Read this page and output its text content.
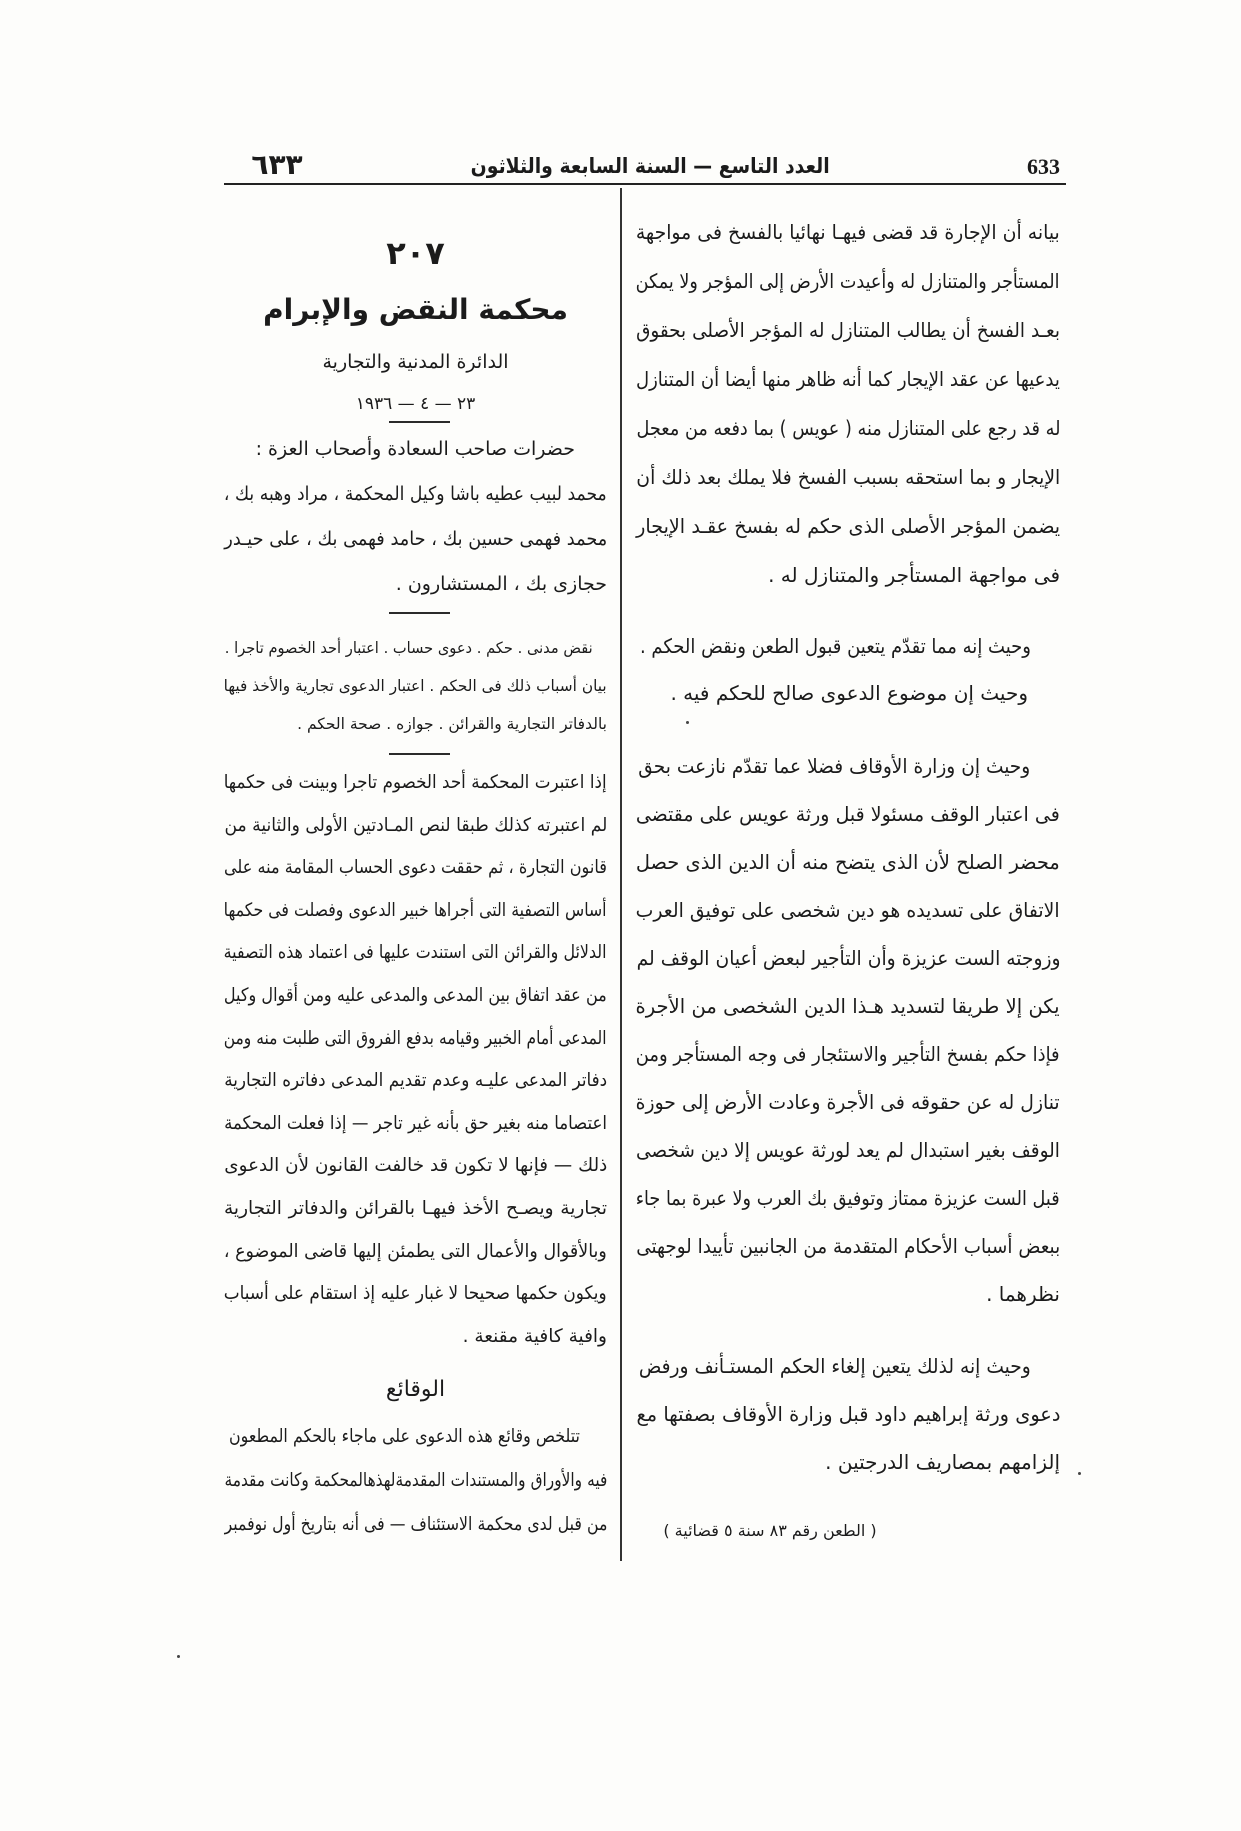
٦٣٣	العدد التاسع — السنة السابعة والثلاثون	633
بيانه أن الإجارة قد قضى فيهـا نهائيا بالفسخ فى مواجهة
المستأجر والمتنازل له وأعيدت الأرض إلى المؤجر ولا يمكن
بعـد الفسخ أن يطالب المتنازل له المؤجر الأصلى بحقوق
يدعيها عن عقد الإيجار كما أنه ظاهر منها أيضا أن المتنازل
له قد رجع على المتنازل منه ( عويس ) بما دفعه من معجل
الإيجار و بما استحقه بسبب الفسخ فلا يملك بعد ذلك أن
يضمن المؤجر الأصلى الذى حكم له بفسخ عقـد الإيجار
فى مواجهة المستأجر والمتنازل له .
وحيث إنه مما تقدّم يتعين قبول الطعن ونقض الحكم .
وحيث إن موضوع الدعوى صالح للحكم فيه .
وحيث إن وزارة الأوقاف فضلا عما تقدّم نازعت بحق
فى اعتبار الوقف مسئولا قبل ورثة عويس على مقتضى
محضر الصلح لأن الذى يتضح منه أن الدين الذى حصل
الاتفاق على تسديده هو دين شخصى على توفيق العرب
وزوجته الست عزيزة وأن التأجير لبعض أعيان الوقف لم
يكن إلا طريقا لتسديد هـذا الدين الشخصى من الأجرة
فإذا حكم بفسخ التأجير والاستئجار فى وجه المستأجر ومن
تنازل له عن حقوقه فى الأجرة وعادت الأرض إلى حوزة
الوقف بغير استبدال لم يعد لورثة عويس إلا دين شخصى
قبل الست عزيزة ممتاز وتوفيق بك العرب ولا عبرة بما جاء
ببعض أسباب الأحكام المتقدمة من الجانبين تأييدا لوجهتى
نظرهما .
وحيث إنه لذلك يتعين إلغاء الحكم المستـأنف ورفض
دعوى ورثة إبراهيم داود قبل وزارة الأوقاف بصفتها مع
إلزامهم بمصاريف الدرجتين .
( الطعن رقم ٨٣ سنة ٥ قضائية )
٢٠٧
محكمة النقض والإبرام
الدائرة المدنية والتجارية
٢٣ — ٤ — ١٩٣٦
حضرات صاحب السعادة وأصحاب العزة :
محمد لبيب عطيه باشا وكيل المحكمة ، مراد وهبه بك ،
محمد فهمى حسين بك ، حامد فهمى بك ، على حيـدر
حجازى بك ، المستشارون .
نقض مدنى . حكم . دعوى حساب . اعتبار أحد الخصوم تاجرا .
بيان أسباب ذلك فى الحكم . اعتبار الدعوى تجارية والأخذ فيها
بالدفاتر التجارية والقرائن . جوازه . صحة الحكم .
إذا اعتبرت المحكمة أحد الخصوم تاجرا وبينت فى حكمها
لم اعتبرته كذلك طبقا لنص المـادتين الأولى والثانية من
قانون التجارة ، ثم حققت دعوى الحساب المقامة منه على
أساس التصفية التى أجراها خبير الدعوى وفصلت فى حكمها
الدلائل والقرائن التى استندت عليها فى اعتماد هذه التصفية
من عقد اتفاق بين المدعى والمدعى عليه ومن أقوال وكيل
المدعى أمام الخبير وقيامه بدفع الفروق التى طلبت منه ومن
دفاتر المدعى عليـه وعدم تقديم المدعى دفاتره التجارية
اعتصاما منه بغير حق بأنه غير تاجر — إذا فعلت المحكمة
ذلك — فإنها لا تكون قد خالفت القانون لأن الدعوى
تجارية ويصـح الأخذ فيهـا بالقرائن والدفاتر التجارية
وبالأقوال والأعمال التى يطمئن إليها قاضى الموضوع ،
ويكون حكمها صحيحا لا غبار عليه إذ استقام على أسباب
وافية كافية مقنعة .
الوقائع
تتلخص وقائع هذه الدعوى على ماجاء بالحكم المطعون
فيه والأوراق والمستندات المقدمةلهذهالمحكمة وكانت مقدمة
من قبل لدى محكمة الاستئناف — فى أنه بتاريخ أول نوفمبر
